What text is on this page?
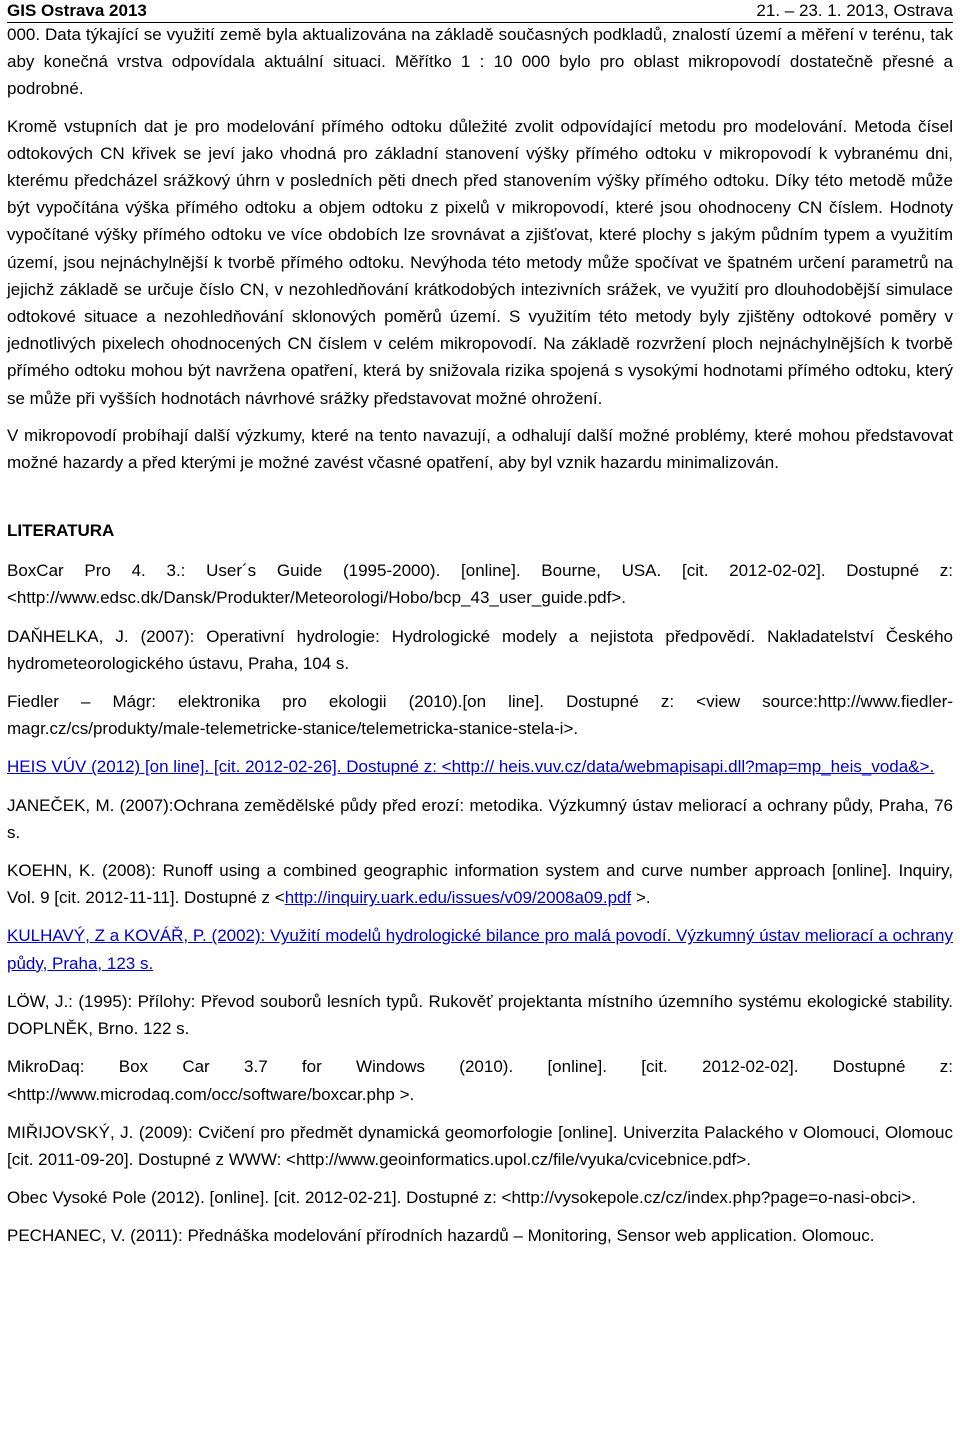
GIS Ostrava 2013	21. – 23. 1. 2013, Ostrava

000. Data týkající se využití země byla aktualizována na základě současných podkladů, znalostí území a měření v terénu, tak aby konečná vrstva odpovídala aktuální situaci. Měřítko 1 : 10 000 bylo pro oblast mikropovodí dostatečně přesné a podrobné.

Kromě vstupních dat je pro modelování přímého odtoku důležité zvolit odpovídající metodu pro modelování. Metoda čísel odtokových CN křivek se jeví jako vhodná pro základní stanovení výšky přímého odtoku v mikropovodí k vybranému dni, kterému předcházel srážkový úhrn v posledních pěti dnech před stanovením výšky přímého odtoku. Díky této metodě může být vypočítána výška přímého odtoku a objem odtoku z pixelů v mikropovodí, které jsou ohodnoceny CN číslem. Hodnoty vypočítané výšky přímého odtoku ve více obdobích lze srovnávat a zjišťovat, které plochy s jakým půdním typem a využitím území, jsou nejnáchylnější k tvorbě přímého odtoku. Nevýhoda této metody může spočívat ve špatném určení parametrů na jejichž základě se určuje číslo CN, v nezohledňování krátkodobých intezivních srážek, ve využití pro dlouhodobější simulace odtokové situace a nezohledňování sklonových poměrů území. S využitím této metody byly zjištěny odtokové poměry v jednotlivých pixelech ohodnocených CN číslem v celém mikropovodí. Na základě rozvržení ploch nejnáchylnějších k tvorbě přímého odtoku mohou být navržena opatření, která by snižovala rizika spojená s vysokými hodnotami přímého odtoku, který se může při vyšších hodnotách návrhové srážky představovat možné ohrožení.

V mikropovodí probíhají další výzkumy, které na tento navazují, a odhalují další možné problémy, které mohou představovat možné hazardy a před kterými je možné zavést včasné opatření, aby byl vznik hazardu minimalizován.

LITERATURA

BoxCar Pro 4. 3.: User´s Guide (1995-2000). [online]. Bourne, USA. [cit. 2012-02-02]. Dostupné z: <http://www.edsc.dk/Dansk/Produkter/Meteorologi/Hobo/bcp_43_user_guide.pdf>.

DAŇHELKA, J. (2007): Operativní hydrologie: Hydrologické modely a nejistota předpovědí. Nakladatelství Českého hydrometeorologického ústavu, Praha, 104 s.

Fiedler – Mágr: elektronika pro ekologii (2010).[on line]. Dostupné z: <view source:http://www.fiedler-magr.cz/cs/produkty/male-telemetricke-stanice/telemetricka-stanice-stela-i>.

HEIS VÚV (2012) [on line]. [cit. 2012-02-26]. Dostupné z: <http:// heis.vuv.cz/data/webmapisapi.dll?map=mp_heis_voda&>.

JANEČEK, M. (2007):Ochrana zemědělské půdy před erozí: metodika. Výzkumný ústav meliorací a ochrany půdy, Praha, 76 s.

KOEHN, K. (2008): Runoff using a combined geographic information system and curve number approach [online]. Inquiry, Vol. 9 [cit. 2012-11-11]. Dostupné z <http://inquiry.uark.edu/issues/v09/2008a09.pdf >.

KULHAVÝ, Z a KOVÁŘ, P. (2002): Využití modelů hydrologické bilance pro malá povodí. Výzkumný ústav meliorací a ochrany půdy, Praha, 123 s.

LÖW, J.: (1995): Přílohy: Převod souborů lesních typů. Rukověť projektanta místního územního systému ekologické stability. DOPLNĚK, Brno. 122 s.

MikroDaq: Box Car 3.7 for Windows (2010). [online]. [cit. 2012-02-02]. Dostupné z: <http://www.microdaq.com/occ/software/boxcar.php >.

MIŘIJOVSKÝ, J. (2009): Cvičení pro předmět dynamická geomorfologie [online]. Univerzita Palackého v Olomouci, Olomouc [cit. 2011-09-20]. Dostupné z WWW: <http://www.geoinformatics.upol.cz/file/vyuka/cvicebnice.pdf>.

Obec Vysoké Pole (2012). [online]. [cit. 2012-02-21]. Dostupné z: <http://vysokepole.cz/cz/index.php?page=o-nasi-obci>.

PECHANEC, V. (2011): Přednáška modelování přírodních hazardů – Monitoring, Sensor web application. Olomouc.
